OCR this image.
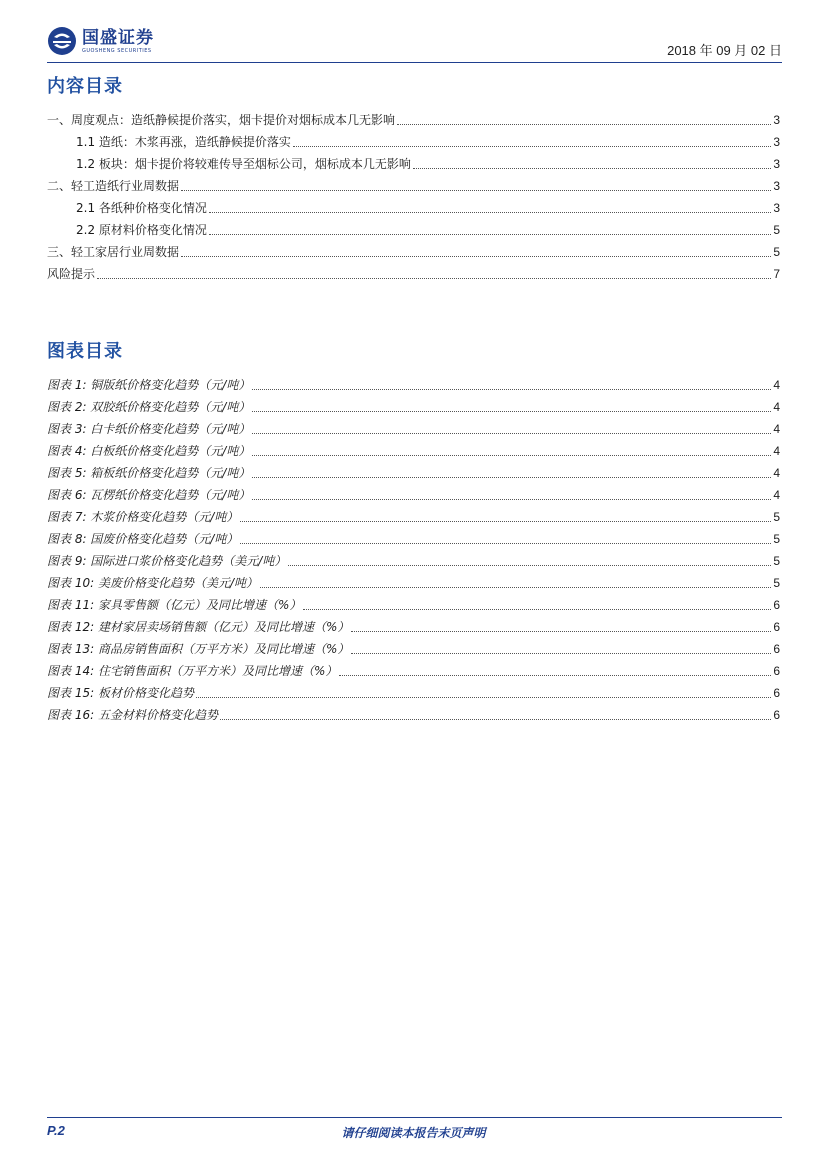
国盛证券
GUOSHENG SECURITIES	2018 年 09 月 02 日
内容目录
一、周度观点：造纸静候提价落实，烟卡提价对烟标成本几无影响	3
1.1 造纸：木浆再涨，造纸静候提价落实	3
1.2 板块：烟卡提价将较难传导至烟标公司，烟标成本几无影响	3
二、轻工造纸行业周数据	3
2.1 各纸种价格变化情况	3
2.2 原材料价格变化情况	5
三、轻工家居行业周数据	5
风险提示	7
图表目录
图表 1: 铜版纸价格变化趋势（元/吨）	4
图表 2: 双胶纸价格变化趋势（元/吨）	4
图表 3: 白卡纸价格变化趋势（元/吨）	4
图表 4: 白板纸价格变化趋势（元/吨）	4
图表 5: 箱板纸价格变化趋势（元/吨）	4
图表 6: 瓦楞纸价格变化趋势（元/吨）	4
图表 7: 木浆价格变化趋势（元/吨）	5
图表 8: 国废价格变化趋势（元/吨）	5
图表 9: 国际进口浆价格变化趋势（美元/吨）	5
图表 10: 美废价格变化趋势（美元/吨）	5
图表 11: 家具零售额（亿元）及同比增速（%）	6
图表 12: 建材家居卖场销售额（亿元）及同比增速（%）	6
图表 13: 商品房销售面积（万平方米）及同比增速（%）	6
图表 14: 住宅销售面积（万平方米）及同比增速（%）	6
图表 15: 板材价格变化趋势	6
图表 16: 五金材料价格变化趋势	6
P.2	请仔细阅读本报告末页声明
